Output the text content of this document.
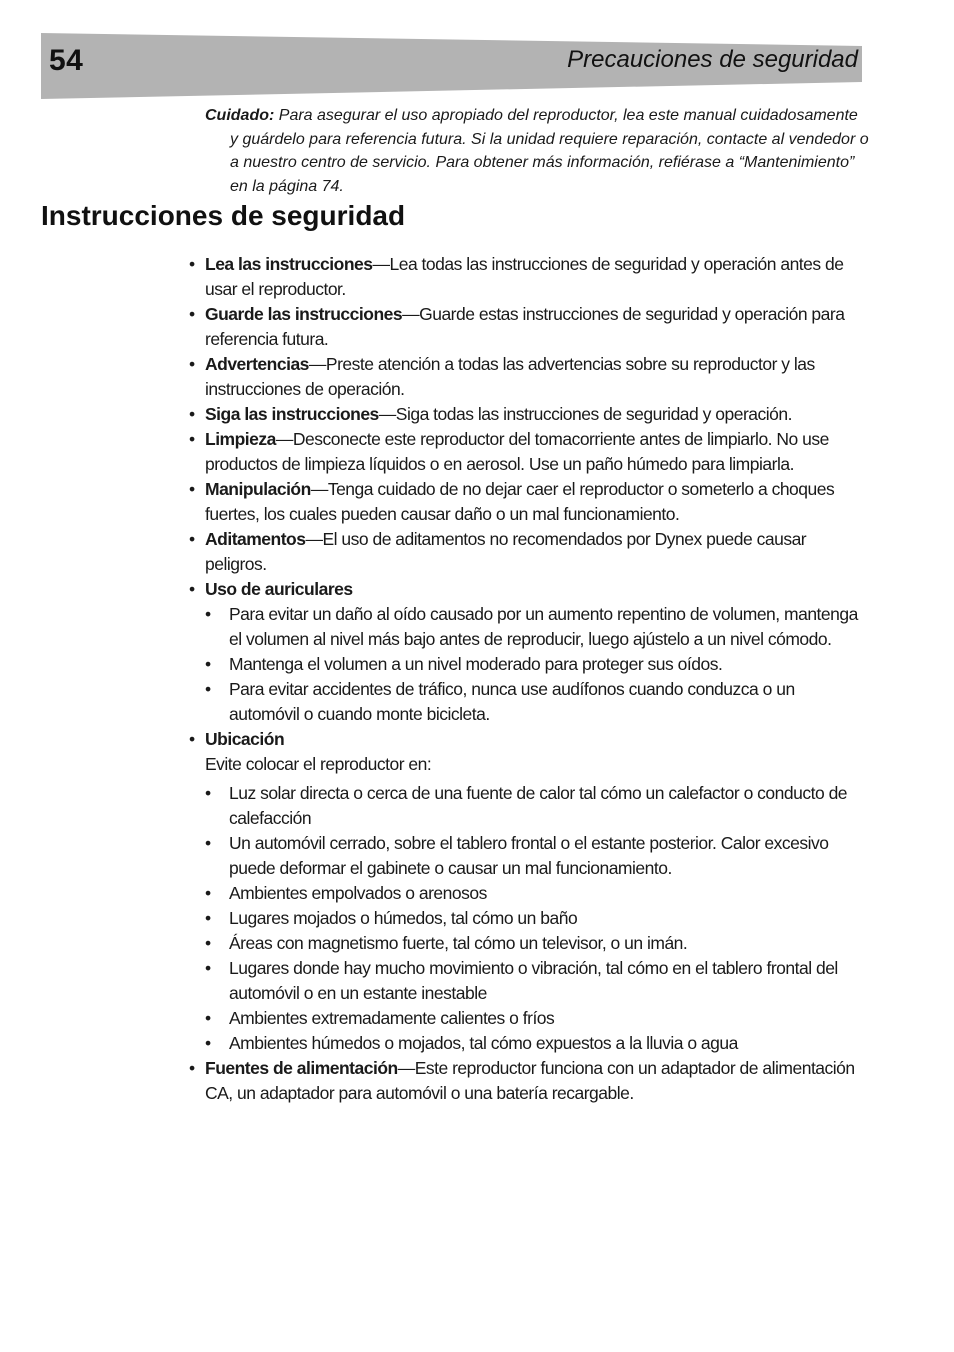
54	Precauciones de seguridad

Cuidado: Para asegurar el uso apropiado del reproductor, lea este manual cuidadosamente y guárdelo para referencia futura. Si la unidad requiere reparación, contacte al vendedor o a nuestro centro de servicio. Para obtener más información, refiérase a “Mantenimiento” en la página 74.

Instrucciones de seguridad
• Lea las instrucciones—Lea todas las instrucciones de seguridad y operación antes de usar el reproductor.
• Guarde las instrucciones—Guarde estas instrucciones de seguridad y operación para referencia futura.
• Advertencias—Preste atención a todas las advertencias sobre su reproductor y las instrucciones de operación.
• Siga las instrucciones—Siga todas las instrucciones de seguridad y operación.
• Limpieza—Desconecte este reproductor del tomacorriente antes de limpiarlo. No use productos de limpieza líquidos o en aerosol. Use un paño húmedo para limpiarla.
• Manipulación—Tenga cuidado de no dejar caer el reproductor o someterlo a choques fuertes, los cuales pueden causar daño o un mal funcionamiento.
• Aditamentos—El uso de aditamentos no recomendados por Dynex puede causar peligros.
• Uso de auriculares
• Para evitar un daño al oído causado por un aumento repentino de volumen, mantenga el volumen al nivel más bajo antes de reproducir, luego ajústelo a un nivel cómodo.
• Mantenga el volumen a un nivel moderado para proteger sus oídos.
• Para evitar accidentes de tráfico, nunca use audífonos cuando conduzca o un automóvil o cuando monte bicicleta.
• Ubicación

Evite colocar el reproductor en:
• Luz solar directa o cerca de una fuente de calor tal cómo un calefactor o conducto de calefacción
• Un automóvil cerrado, sobre el tablero frontal o el estante posterior. Calor excesivo puede deformar el gabinete o causar un mal funcionamiento.
• Ambientes empolvados o arenosos
• Lugares mojados o húmedos, tal cómo un baño
• Áreas con magnetismo fuerte, tal cómo un televisor, o un imán.
• Lugares donde hay mucho movimiento o vibración, tal cómo en el tablero frontal del automóvil o en un estante inestable
• Ambientes extremadamente calientes o fríos
• Ambientes húmedos o mojados, tal cómo expuestos a la lluvia o agua
• Fuentes de alimentación—Este reproductor funciona con un adaptador de alimentación CA, un adaptador para automóvil o una batería recargable.
